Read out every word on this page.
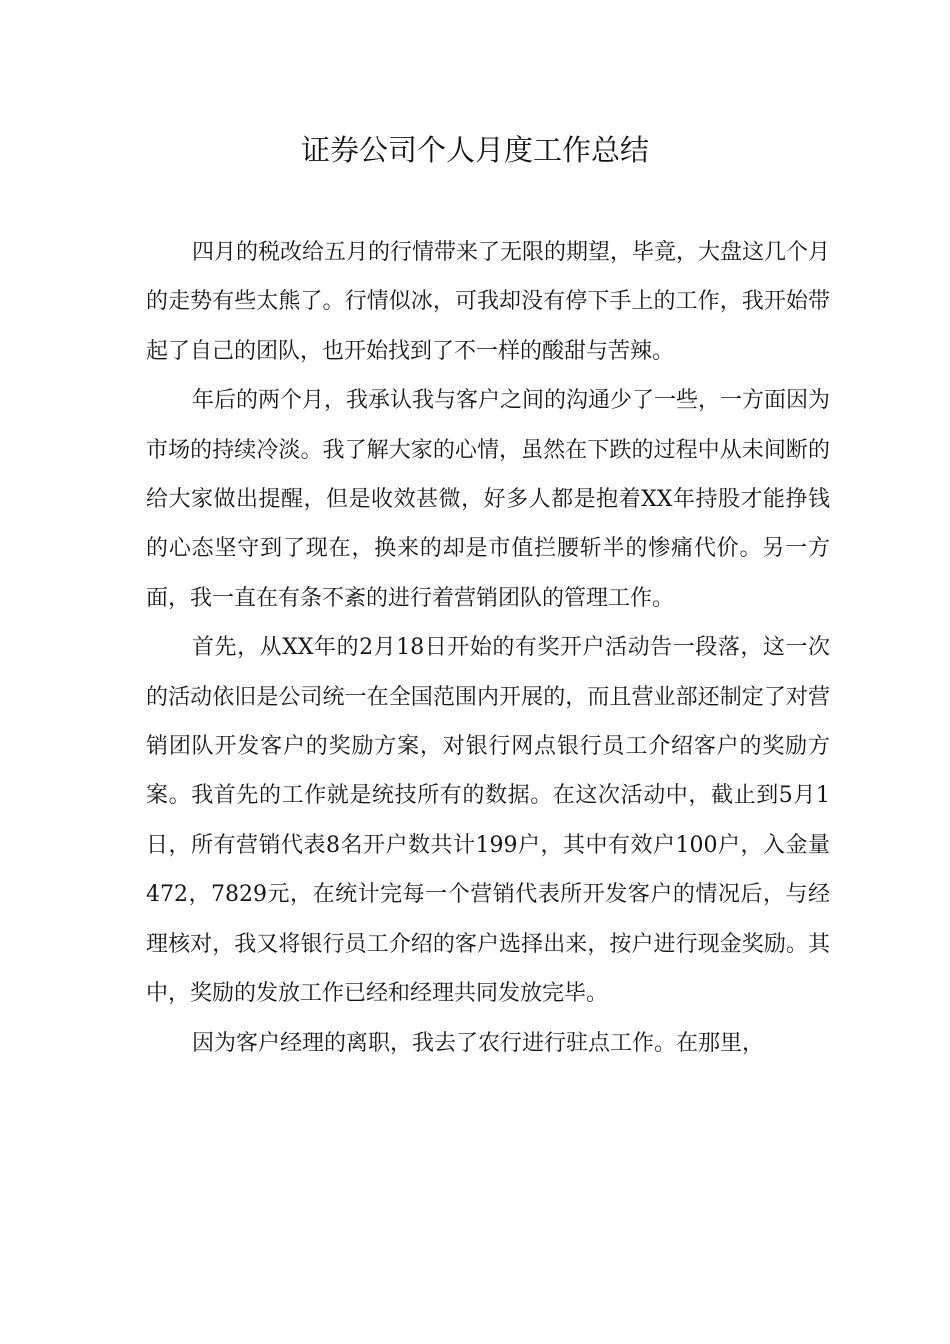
证券公司个人月度工作总结

四月的税改给五月的行情带来了无限的期望，毕竟，大盘这几个月的走势有些太熊了。行情似冰，可我却没有停下手上的工作，我开始带起了自己的团队，也开始找到了不一样的酸甜与苦辣。

年后的两个月，我承认我与客户之间的沟通少了一些，一方面因为市场的持续冷淡。我了解大家的心情，虽然在下跌的过程中从未间断的给大家做出提醒，但是收效甚微，好多人都是抱着XX年持股才能挣钱的心态坚守到了现在，换来的却是市值拦腰斩半的惨痛代价。另一方面，我一直在有条不紊的进行着营销团队的管理工作。

首先，从XX年的2月18日开始的有奖开户活动告一段落，这一次的活动依旧是公司统一在全国范围内开展的，而且营业部还制定了对营销团队开发客户的奖励方案，对银行网点银行员工介绍客户的奖励方案。我首先的工作就是统技所有的数据。在这次活动中，截止到5月1日，所有营销代表8名开户数共计199户，其中有效户100户，入金量472，7829元，在统计完每一个营销代表所开发客户的情况后，与经理核对，我又将银行员工介绍的客户选择出来，按户进行现金奖励。其中，奖励的发放工作已经和经理共同发放完毕。

因为客户经理的离职，我去了农行进行驻点工作。在那里，
